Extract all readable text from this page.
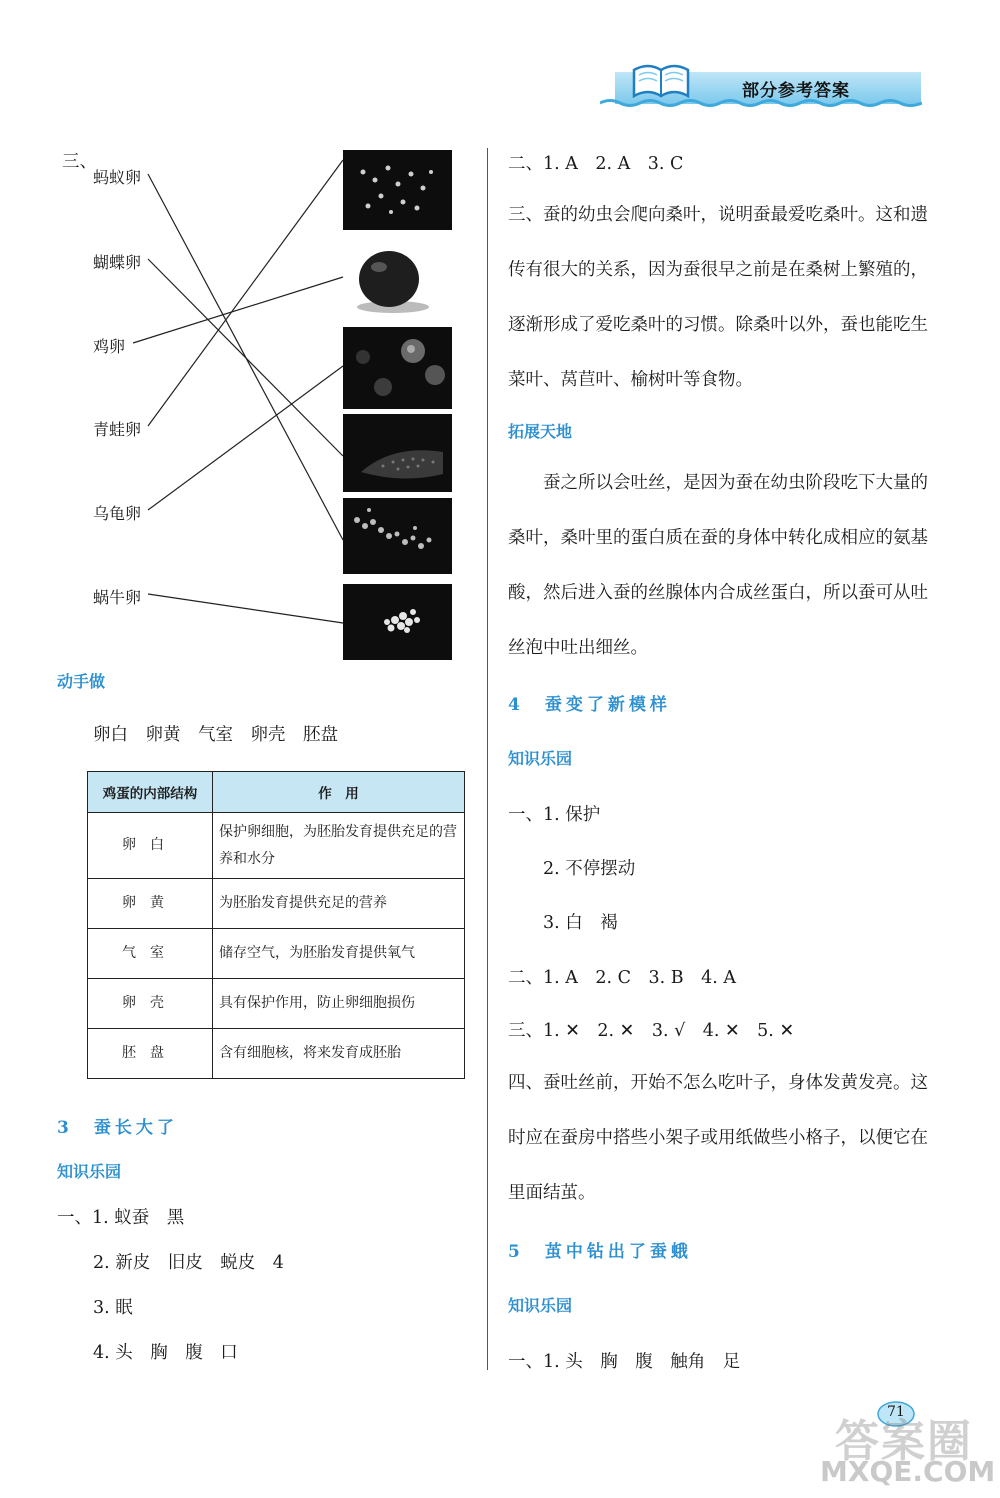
部分参考答案
三、
蚂蚁卵
蝴蝶卵
鸡卵
青蛙卵
乌龟卵
蜗牛卵
动手做
卵白　卵黄　气室　卵壳　胚盘
鸡蛋的内部结构	作　用
卵白	保护卵细胞，为胚胎发育提供充足的营养和水分
卵黄	为胚胎发育提供充足的营养
气室	储存空气，为胚胎发育提供氧气
卵壳	具有保护作用，防止卵细胞损伤
胚盘	含有细胞核，将来发育成胚胎
3　蚕长大了
知识乐园
一、1. 蚁蚕　黑
2. 新皮　旧皮　蜕皮　4
3. 眠
4. 头　胸　腹　口
二、1. A　2. A　3. C
三、蚕的幼虫会爬向桑叶，说明蚕最爱吃桑叶。这和遗传有很大的关系，因为蚕很早之前是在桑树上繁殖的，逐渐形成了爱吃桑叶的习惯。除桑叶以外，蚕也能吃生菜叶、莴苣叶、榆树叶等食物。
拓展天地
蚕之所以会吐丝，是因为蚕在幼虫阶段吃下大量的桑叶，桑叶里的蛋白质在蚕的身体中转化成相应的氨基酸，然后进入蚕的丝腺体内合成丝蛋白，所以蚕可从吐丝泡中吐出细丝。
4　蚕变了新模样
知识乐园
一、1. 保护
2. 不停摆动
3. 白　褐
二、1. A　2. C　3. B　4. A
三、1. ✕　2. ✕　3. √　4. ✕　5. ✕
四、蚕吐丝前，开始不怎么吃叶子，身体发黄发亮。这时应在蚕房中搭些小架子或用纸做些小格子，以便它在里面结茧。
5　茧中钻出了蚕蛾
知识乐园
一、1. 头　胸　腹　触角　足
71
答案圈
MXQE.COM
